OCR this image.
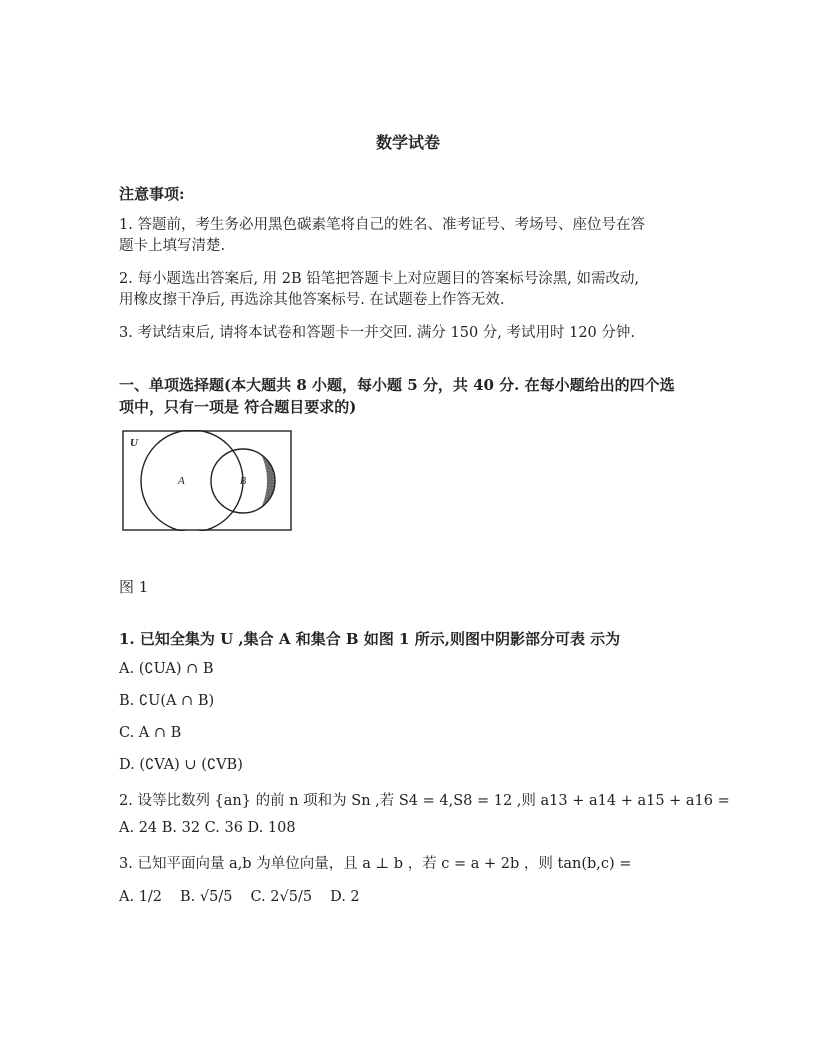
数学试卷
注意事项:
1. 答题前，考生务必用黑色碳素笔将自己的姓名、准考证号、考场号、座位号在答
题卡上填写清楚.
2. 每小题选出答案后, 用 2B 铅笔把答题卡上对应题目的答案标号涂黑, 如需改动,
用橡皮擦干净后, 再选涂其他答案标号. 在试题卷上作答无效.
3. 考试结束后, 请将本试卷和答题卡一并交回. 满分 150 分, 考试用时 120 分钟.
一、单项选择题(本大题共 8 小题，每小题 5 分，共 40 分. 在每小题给出的四个选
项中，只有一项是 符合题目要求的)
U
A	B
图 1
1. 已知全集为 U ,集合 A 和集合 B 如图 1 所示,则图中阴影部分可表 示为
A. (∁UA) ∩ B
B. ∁U(A ∩ B)
C. A ∩ B
D. (∁VA) ∪ (∁VB)
2. 设等比数列 {an} 的前 n 项和为 Sn ,若 S4 = 4,S8 = 12 ,则 a13 + a14 + a15 + a16 =
A. 24 B. 32 C. 36 D. 108
3. 已知平面向量 a,b 为单位向量，且 a ⊥ b ，若 c = a + 2b ，则 tan(b,c) =
A. 1/2 B. √5/5 C. 2√5/5 D. 2
